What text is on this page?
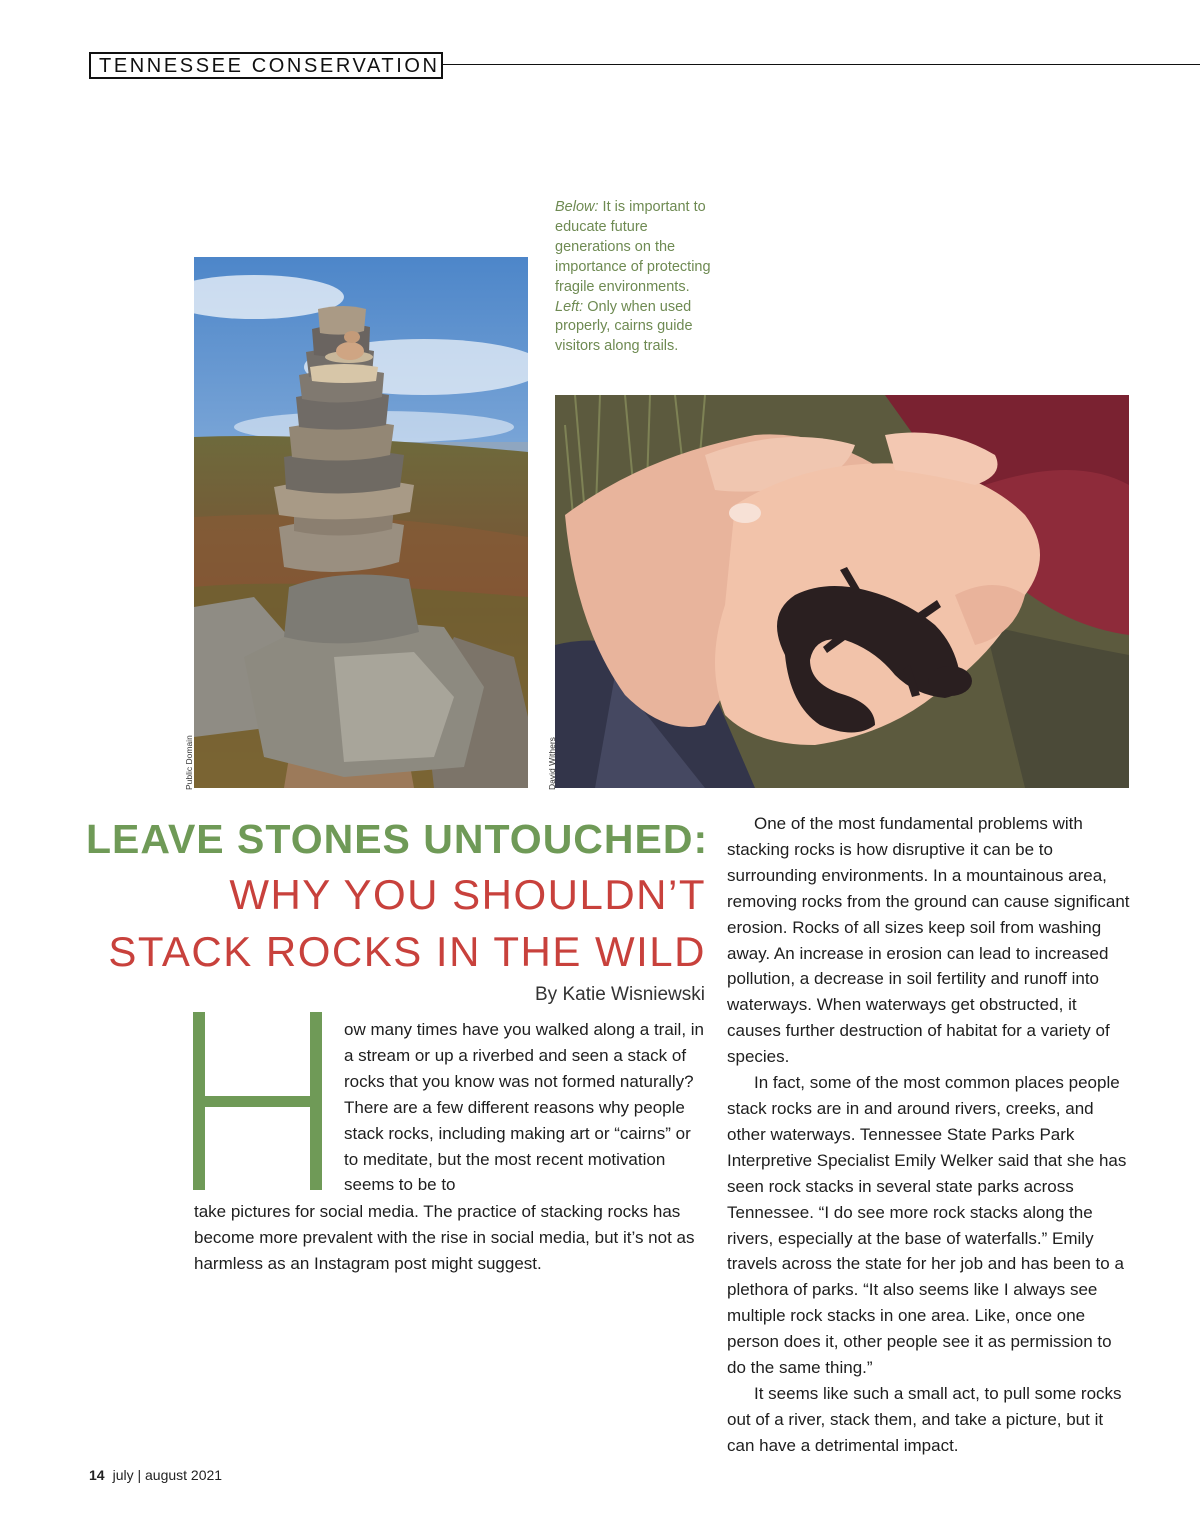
TENNESSEE CONSERVATION
Below: It is important to educate future generations on the importance of protecting fragile environments. Left: Only when used properly, cairns guide visitors along trails.
Public Domain	David Withers
LEAVE STONES UNTOUCHED:
WHY YOU SHOULDN’T
STACK ROCKS IN THE WILD
By Katie Wisniewski

ow many times have you walked along a trail, in a stream or up a riverbed and seen a stack of rocks that you know was not formed naturally? There are a few different reasons why people stack rocks, including making art or “cairns” or to meditate, but the most recent motivation seems to be to

take pictures for social media. The practice of stacking rocks has become more prevalent with the rise in social media, but it’s not as harmless as an Instagram post might suggest.

One of the most fundamental problems with stacking rocks is how disruptive it can be to surrounding environments. In a mountainous area, removing rocks from the ground can cause significant erosion. Rocks of all sizes keep soil from washing away. An increase in erosion can lead to increased pollution, a decrease in soil fertility and runoff into waterways. When waterways get obstructed, it causes further destruction of habitat for a variety of species.

In fact, some of the most common places people stack rocks are in and around rivers, creeks, and other waterways. Tennessee State Parks Park Interpretive Specialist Emily Welker said that she has seen rock stacks in several state parks across Tennessee. “I do see more rock stacks along the rivers, especially at the base of waterfalls.” Emily travels across the state for her job and has been to a plethora of parks. “It also seems like I always see multiple rock stacks in one area. Like, once one person does it, other people see it as permission to do the same thing.”

It seems like such a small act, to pull some rocks out of a river, stack them, and take a picture, but it can have a detrimental impact.

14 july | august 2021
